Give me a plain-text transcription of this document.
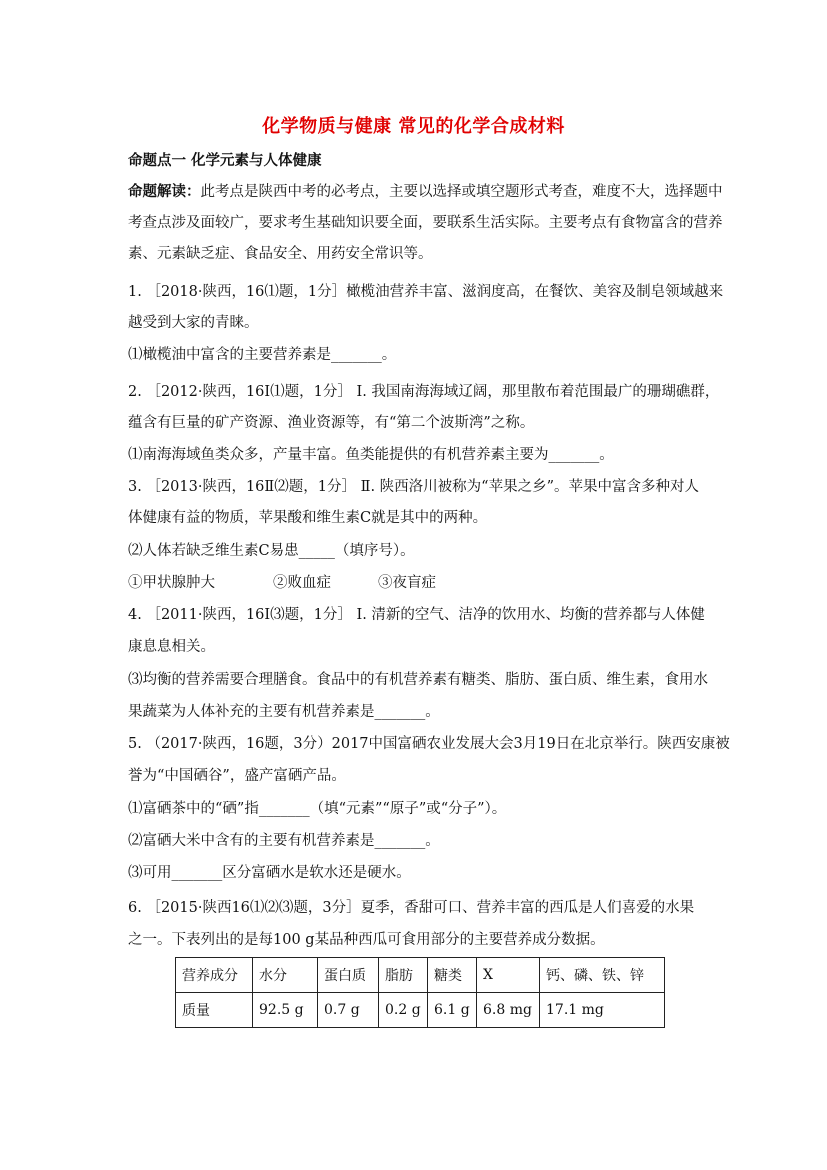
化学物质与健康 常见的化学合成材料
命题点一 化学元素与人体健康
命题解读：此考点是陕西中考的必考点，主要以选择或填空题形式考查，难度不大，选择题中
考查点涉及面较广，要求考生基础知识要全面，要联系生活实际。主要考点有食物富含的营养
素、元素缺乏症、食品安全、用药安全常识等。
1. ［2018·陕西，16⑴题，1分］橄榄油营养丰富、滋润度高，在餐饮、美容及制皂领域越来
越受到大家的青睐。
⑴橄榄油中富含的主要营养素是_______。
2. ［2012·陕西，16Ⅰ⑴题，1分］ Ⅰ. 我国南海海域辽阔，那里散布着范围最广的珊瑚礁群，
蕴含有巨量的矿产资源、渔业资源等，有“第二个波斯湾”之称。
⑴南海海域鱼类众多，产量丰富。鱼类能提供的有机营养素主要为_______。
3. ［2013·陕西，16Ⅱ⑵题，1分］ Ⅱ. 陕西洛川被称为“苹果之乡”。苹果中富含多种对人
体健康有益的物质，苹果酸和维生素C就是其中的两种。
⑵人体若缺乏维生素C易患_____（填序号）。
①甲状腺肿大	②败血症	③夜盲症
4. ［2011·陕西，16Ⅰ⑶题，1分］ Ⅰ. 清新的空气、洁净的饮用水、均衡的营养都与人体健
康息息相关。
⑶均衡的营养需要合理膳食。食品中的有机营养素有糖类、脂肪、蛋白质、维生素，食用水
果蔬菜为人体补充的主要有机营养素是_______。
5. （2017·陕西，16题，3分）2017中国富硒农业发展大会3月19日在北京举行。陕西安康被
誉为“中国硒谷”，盛产富硒产品。
⑴富硒茶中的“硒”指_______（填“元素”“原子”或“分子”）。
⑵富硒大米中含有的主要有机营养素是_______。
⑶可用_______区分富硒水是软水还是硬水。
6. ［2015·陕西16⑴⑵⑶题，3分］夏季，香甜可口、营养丰富的西瓜是人们喜爱的水果
之一。下表列出的是每100 g某品种西瓜可食用部分的主要营养成分数据。
营养成分	水分	蛋白质	脂肪	糖类	X	钙、磷、铁、锌
质量	92.5 g	0.7 g	0.2 g	6.1 g	6.8 mg	17.1 mg
